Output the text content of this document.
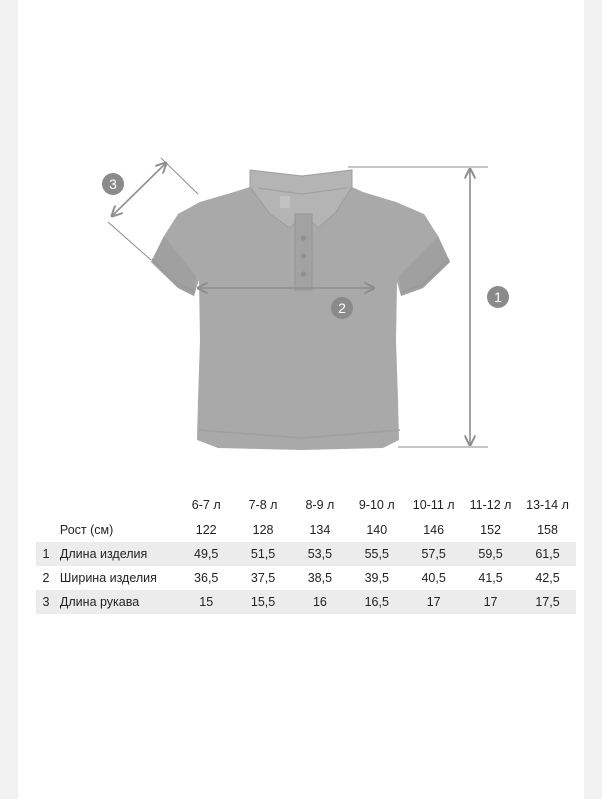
1
2
3
		6-7 л	7-8 л	8-9 л	9-10 л	10-11 л	11-12 л	13-14 л
	Рост (см)	122	128	134	140	146	152	158
1	Длина изделия	49,5	51,5	53,5	55,5	57,5	59,5	61,5
2	Ширина изделия	36,5	37,5	38,5	39,5	40,5	41,5	42,5
3	Длина рукава	15	15,5	16	16,5	17	17	17,5
